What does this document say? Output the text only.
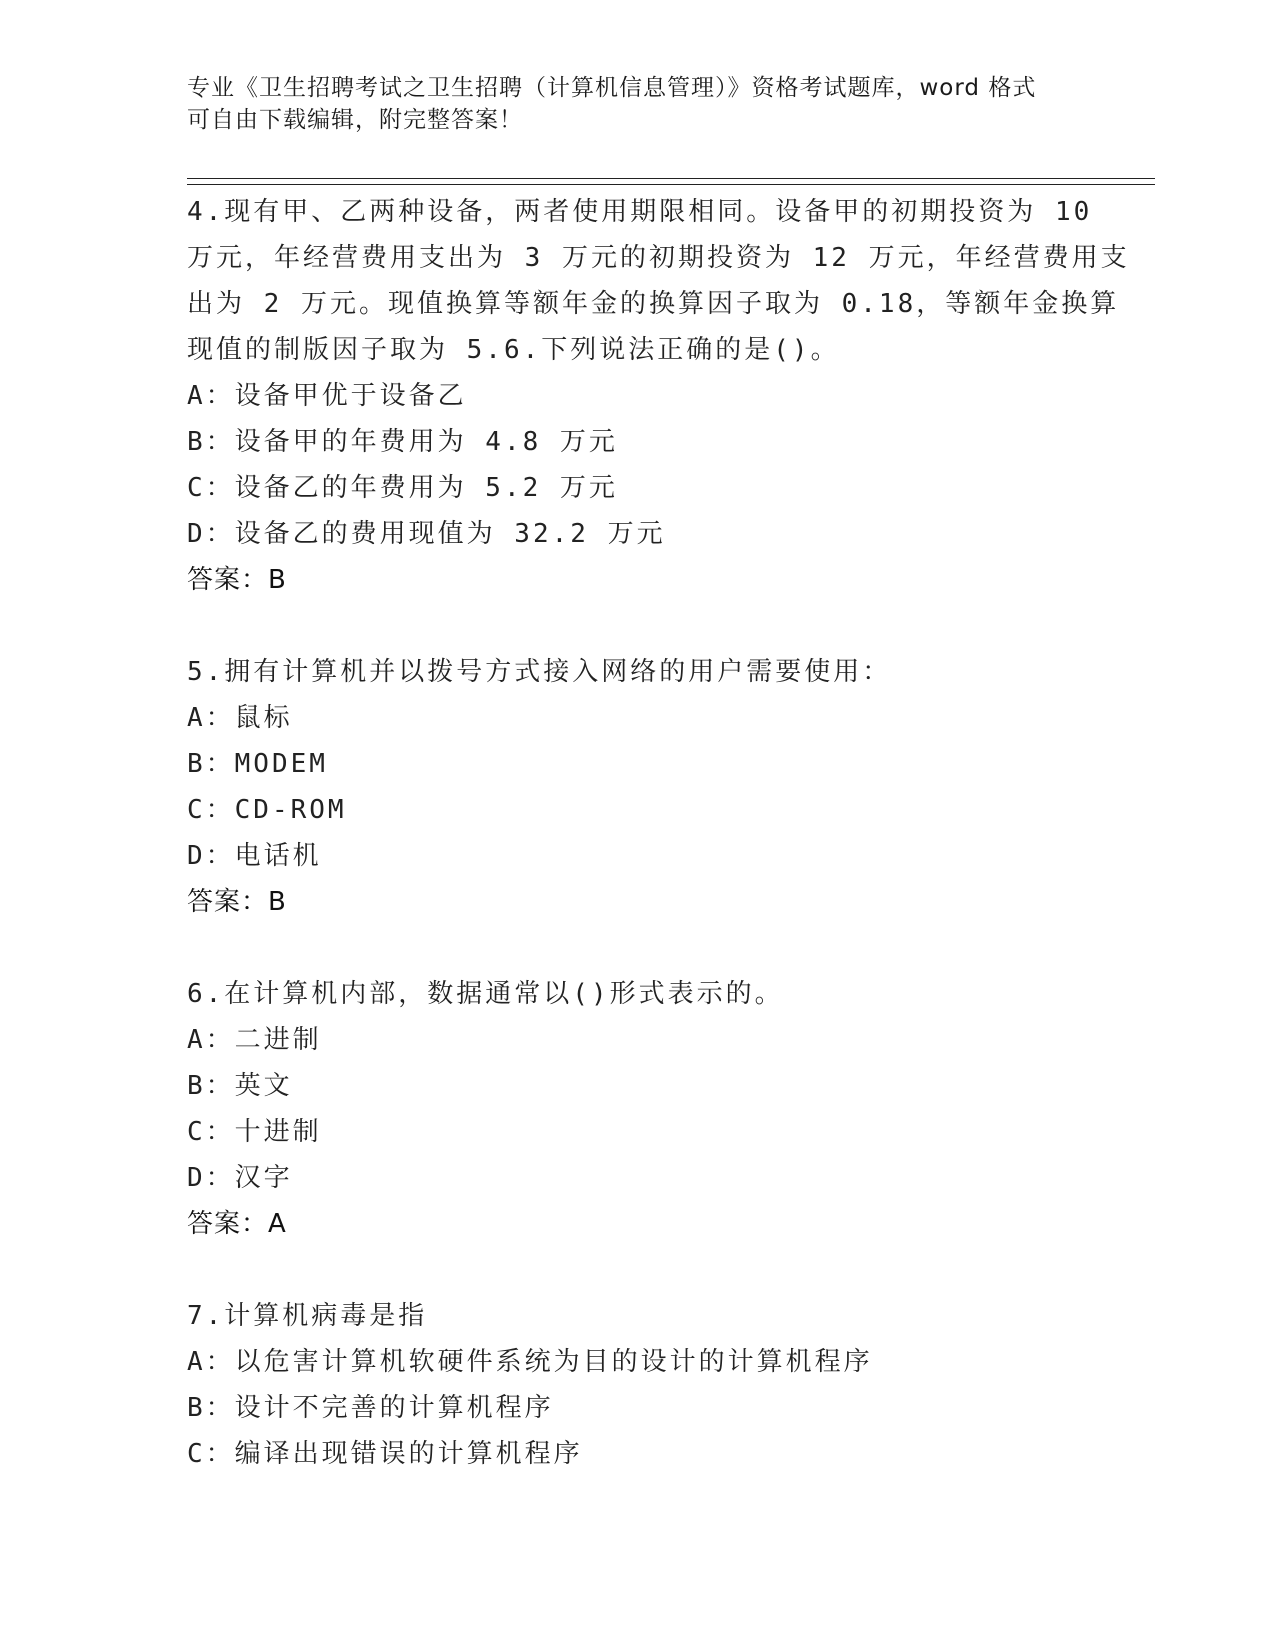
专业《卫生招聘考试之卫生招聘（计算机信息管理）》资格考试题库，word 格式
可自由下载编辑，附完整答案！
4.现有甲、乙两种设备，两者使用期限相同。设备甲的初期投资为 10
万元，年经营费用支出为 3 万元的初期投资为 12 万元，年经营费用支
出为 2 万元。现值换算等额年金的换算因子取为 0.18，等额年金换算
现值的制版因子取为 5.6.下列说法正确的是()。
A：设备甲优于设备乙
B：设备甲的年费用为 4.8 万元
C：设备乙的年费用为 5.2 万元
D：设备乙的费用现值为 32.2 万元
答案：B
5.拥有计算机并以拨号方式接入网络的用户需要使用：
A：鼠标
B：MODEM
C：CD-ROM
D：电话机
答案：B
6.在计算机内部，数据通常以()形式表示的。
A：二进制
B：英文
C：十进制
D：汉字
答案：A
7.计算机病毒是指
A：以危害计算机软硬件系统为目的设计的计算机程序
B：设计不完善的计算机程序
C：编译出现错误的计算机程序
